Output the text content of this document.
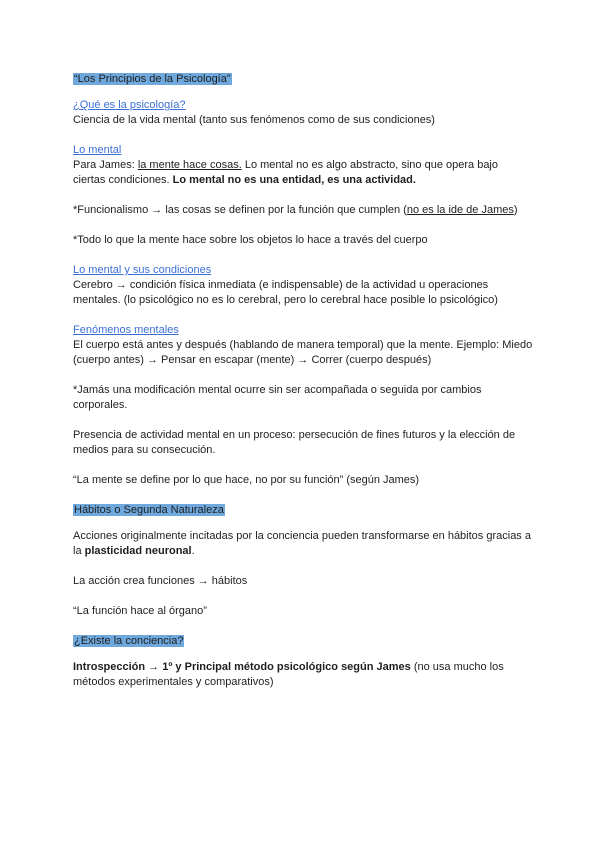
“Los Principios de la Psicología”

¿Qué es la psicología?

Ciencia de la vida mental (tanto sus fenómenos como de sus condiciones)

Lo mental

Para James: la mente hace cosas. Lo mental no es algo abstracto, sino que opera bajo ciertas condiciones. Lo mental no es una entidad, es una actividad.

*Funcionalismo → las cosas se definen por la función que cumplen (no es la ide de James)

*Todo lo que la mente hace sobre los objetos lo hace a través del cuerpo

Lo mental y sus condiciones

Cerebro → condición física inmediata (e indispensable) de la actividad u operaciones mentales. (lo psicológico no es lo cerebral, pero lo cerebral hace posible lo psicológico)

Fenómenos mentales

El cuerpo está antes y después (hablando de manera temporal) que la mente. Ejemplo: Miedo (cuerpo antes) → Pensar en escapar (mente) → Correr (cuerpo después)

*Jamás una modificación mental ocurre sin ser acompañada o seguida por cambios corporales.

Presencia de actividad mental en un proceso: persecución de fines futuros y la elección de medios para su consecución.

“La mente se define por lo que hace, no por su función” (según James)

Hábitos o Segunda Naturaleza

Acciones originalmente incitadas por la conciencia pueden transformarse en hábitos gracias a la plasticidad neuronal.

La acción crea funciones → hábitos

“La función hace al órgano”

¿Existe la conciencia?

Introspección → 1º y Principal método psicológico según James (no usa mucho los métodos experimentales y comparativos)
